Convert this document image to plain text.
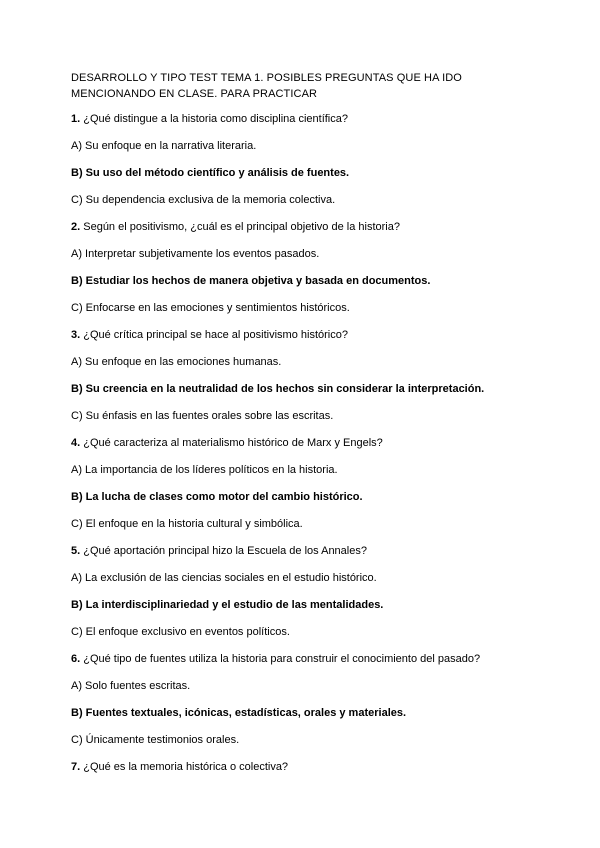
DESARROLLO Y TIPO TEST TEMA 1. POSIBLES PREGUNTAS QUE HA IDO
MENCIONANDO EN CLASE. PARA PRACTICAR

1. ¿Qué distingue a la historia como disciplina científica?

A) Su enfoque en la narrativa literaria.

B) Su uso del método científico y análisis de fuentes.

C) Su dependencia exclusiva de la memoria colectiva.

2. Según el positivismo, ¿cuál es el principal objetivo de la historia?

A) Interpretar subjetivamente los eventos pasados.

B) Estudiar los hechos de manera objetiva y basada en documentos.

C) Enfocarse en las emociones y sentimientos históricos.

3. ¿Qué crítica principal se hace al positivismo histórico?

A) Su enfoque en las emociones humanas.

B) Su creencia en la neutralidad de los hechos sin considerar la interpretación.

C) Su énfasis en las fuentes orales sobre las escritas.

4. ¿Qué caracteriza al materialismo histórico de Marx y Engels?

A) La importancia de los líderes políticos en la historia.

B) La lucha de clases como motor del cambio histórico.

C) El enfoque en la historia cultural y simbólica.

5. ¿Qué aportación principal hizo la Escuela de los Annales?

A) La exclusión de las ciencias sociales en el estudio histórico.

B) La interdisciplinariedad y el estudio de las mentalidades.

C) El enfoque exclusivo en eventos políticos.

6. ¿Qué tipo de fuentes utiliza la historia para construir el conocimiento del pasado?

A) Solo fuentes escritas.

B) Fuentes textuales, icónicas, estadísticas, orales y materiales.

C) Únicamente testimonios orales.

7. ¿Qué es la memoria histórica o colectiva?
